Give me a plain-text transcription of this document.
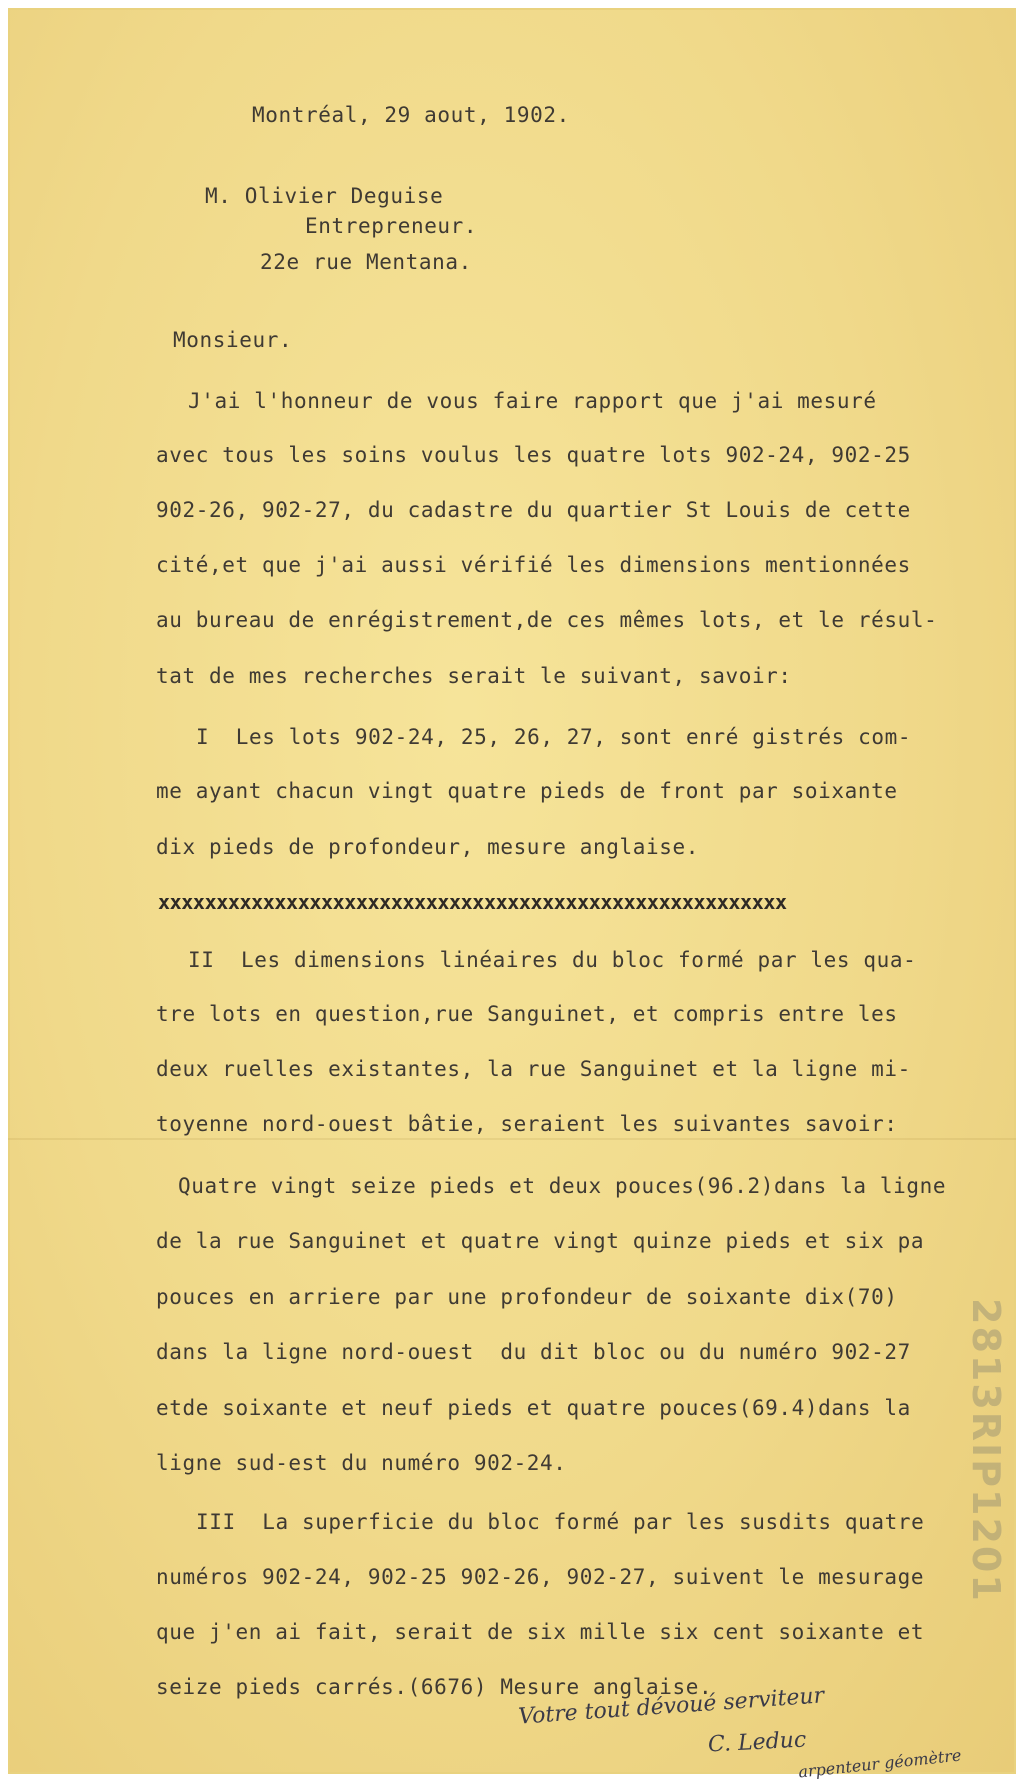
Montréal, 29 aout, 1902.
M. Olivier Deguise
Entrepreneur.
22e rue Mentana.
Monsieur.
J'ai l'honneur de vous faire rapport que j'ai mesuré
avec tous les soins voulus les quatre lots 902-24, 902-25
902-26, 902-27, du cadastre du quartier St Louis de cette
cité,et que j'ai aussi vérifié les dimensions mentionnées
au bureau de enrégistrement,de ces mêmes lots, et le résul-
tat de mes recherches serait le suivant, savoir:
I  Les lots 902-24, 25, 26, 27, sont enré gistrés com-
me ayant chacun vingt quatre pieds de front par soixante
dix pieds de profondeur, mesure anglaise.
xxxxxxxxxxxxxxxxxxxxxxxxxxxxxxxxxxxxxxxxxxxxxxxxxxxxxx
II  Les dimensions linéaires du bloc formé par les qua-
tre lots en question,rue Sanguinet, et compris entre les
deux ruelles existantes, la rue Sanguinet et la ligne mi-
toyenne nord-ouest bâtie, seraient les suivantes savoir:
Quatre vingt seize pieds et deux pouces(96.2)dans la ligne
de la rue Sanguinet et quatre vingt quinze pieds et six pa
pouces en arriere par une profondeur de soixante dix(70)
dans la ligne nord-ouest  du dit bloc ou du numéro 902-27
etde soixante et neuf pieds et quatre pouces(69.4)dans la
ligne sud-est du numéro 902-24.
III  La superficie du bloc formé par les susdits quatre
numéros 902-24, 902-25 902-26, 902-27, suivent le mesurage
que j'en ai fait, serait de six mille six cent soixante et
seize pieds carrés.(6676) Mesure anglaise.
Votre tout dévoué serviteur
C. Leduc
arpenteur géomètre
2813RIP1201
